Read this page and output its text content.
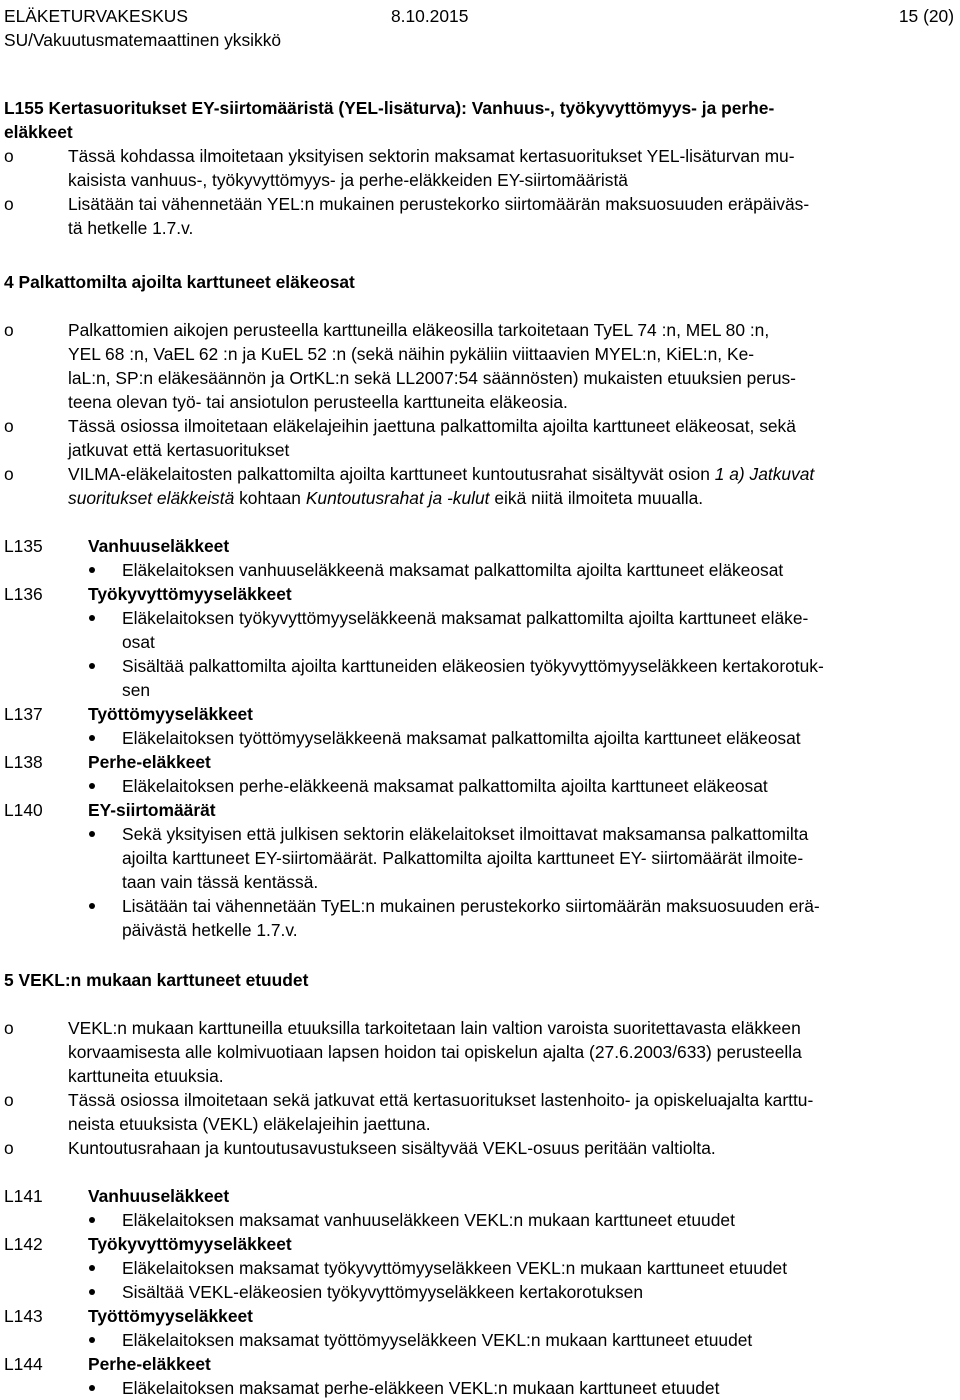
ELÄKETURVAKESKUS	8.10.2015	15 (20)
SU/Vakuutusmatemaattinen yksikkö
L155 Kertasuoritukset EY-siirtomääristä (YEL-lisäturva): Vanhuus-, työkyvyttömyys- ja perhe-
eläkkeet
o	Tässä kohdassa ilmoitetaan yksityisen sektorin maksamat kertasuoritukset YEL-lisäturvan mu-
kaisista vanhuus-, työkyvyttömyys- ja perhe-eläkkeiden EY-siirtomääristä
o	Lisätään tai vähennetään YEL:n mukainen perustekorko siirtomäärän maksuosuuden eräpäiväs-
tä hetkelle 1.7.v.
4 Palkattomilta ajoilta karttuneet eläkeosat
o	Palkattomien aikojen perusteella karttuneilla eläkeosilla tarkoitetaan TyEL 74 :n, MEL 80 :n,
YEL 68 :n, VaEL 62 :n ja KuEL 52 :n (sekä näihin pykäliin viittaavien MYEL:n, KiEL:n, Ke-
laL:n, SP:n eläkesäännön ja OrtKL:n sekä LL2007:54 säännösten) mukaisten etuuksien perus-
teena olevan työ- tai ansiotulon perusteella karttuneita eläkeosia.
o	Tässä osiossa ilmoitetaan eläkelajeihin jaettuna palkattomilta ajoilta karttuneet eläkeosat, sekä
jatkuvat että kertasuoritukset
o	VILMA-eläkelaitosten palkattomilta ajoilta karttuneet kuntoutusrahat sisältyvät osion 1 a) Jatkuvat
suoritukset eläkkeistä kohtaan Kuntoutusrahat ja -kulut eikä niitä ilmoiteta muualla.
L135	Vanhuuseläkkeet
Eläkelaitoksen vanhuuseläkkeenä maksamat palkattomilta ajoilta karttuneet eläkeosat
L136	Työkyvyttömyyseläkkeet
Eläkelaitoksen työkyvyttömyyseläkkeenä maksamat palkattomilta ajoilta karttuneet eläke-
osat
Sisältää palkattomilta ajoilta karttuneiden eläkeosien työkyvyttömyyseläkkeen kertakorotuk-
sen
L137	Työttömyyseläkkeet
Eläkelaitoksen työttömyyseläkkeenä maksamat palkattomilta ajoilta karttuneet eläkeosat
L138	Perhe-eläkkeet
Eläkelaitoksen perhe-eläkkeenä maksamat palkattomilta ajoilta karttuneet eläkeosat
L140	EY-siirtomäärät
Sekä yksityisen että julkisen sektorin eläkelaitokset ilmoittavat maksamansa palkattomilta
ajoilta karttuneet EY-siirtomäärät. Palkattomilta ajoilta karttuneet EY- siirtomäärät ilmoite-
taan vain tässä kentässä.
Lisätään tai vähennetään TyEL:n mukainen perustekorko siirtomäärän maksuosuuden erä-
päivästä hetkelle 1.7.v.
5 VEKL:n mukaan karttuneet etuudet
o	VEKL:n mukaan karttuneilla etuuksilla tarkoitetaan lain valtion varoista suoritettavasta eläkkeen
korvaamisesta alle kolmivuotiaan lapsen hoidon tai opiskelun ajalta (27.6.2003/633) perusteella
karttuneita etuuksia.
o	Tässä osiossa ilmoitetaan sekä jatkuvat että kertasuoritukset lastenhoito- ja opiskeluajalta karttu-
neista etuuksista (VEKL) eläkelajeihin jaettuna.
o	Kuntoutusrahaan ja kuntoutusavustukseen sisältyvää VEKL-osuus peritään valtiolta.
L141	Vanhuuseläkkeet
Eläkelaitoksen maksamat vanhuuseläkkeen VEKL:n mukaan karttuneet etuudet
L142	Työkyvyttömyyseläkkeet
Eläkelaitoksen maksamat työkyvyttömyyseläkkeen VEKL:n mukaan karttuneet etuudet
Sisältää VEKL-eläkeosien työkyvyttömyyseläkkeen kertakorotuksen
L143	Työttömyyseläkkeet
Eläkelaitoksen maksamat työttömyyseläkkeen VEKL:n mukaan karttuneet etuudet
L144	Perhe-eläkkeet
Eläkelaitoksen maksamat perhe-eläkkeen VEKL:n mukaan karttuneet etuudet
